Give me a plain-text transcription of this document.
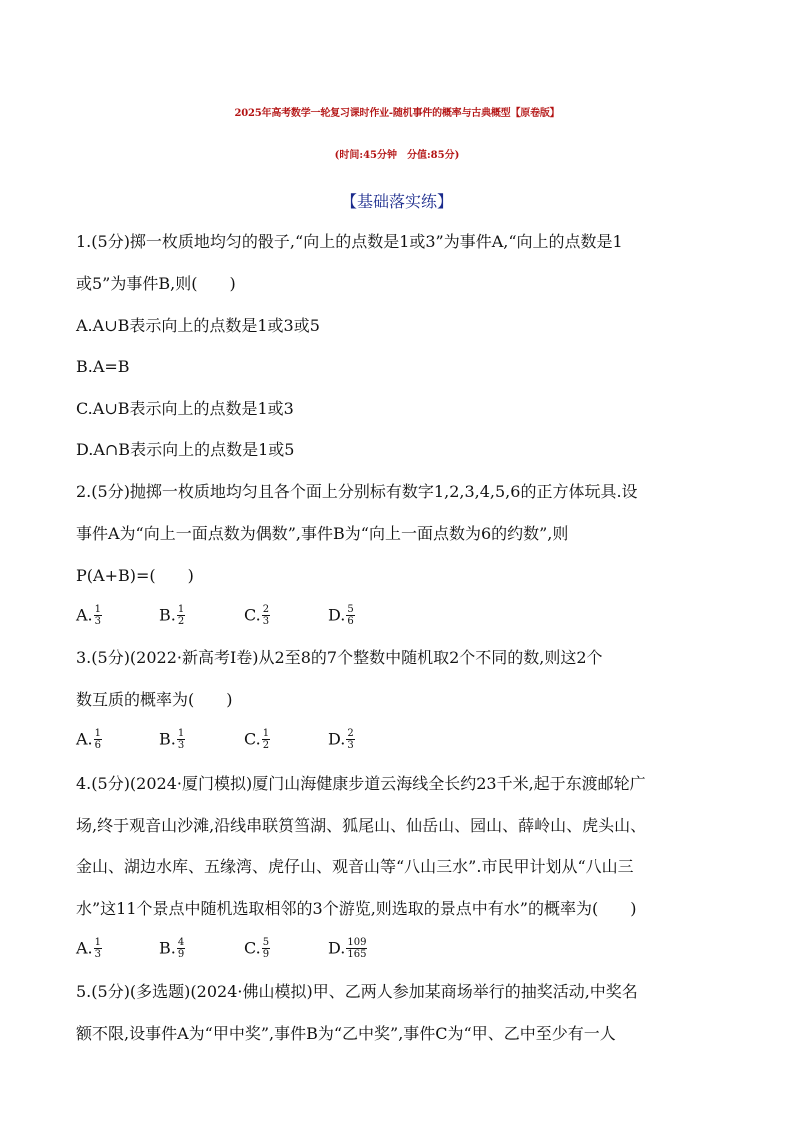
2025年高考数学一轮复习课时作业-随机事件的概率与古典概型【原卷版】
(时间:45分钟　分值:85分)
【基础落实练】
1.(5分)掷一枚质地均匀的骰子,“向上的点数是1或3”为事件A,“向上的点数是1
或5”为事件B,则(　　)
A.A∪B表示向上的点数是1或3或5
B.A=B
C.A∪B表示向上的点数是1或3
D.A∩B表示向上的点数是1或5
2.(5分)抛掷一枚质地均匀且各个面上分别标有数字1,2,3,4,5,6的正方体玩具.设
事件A为“向上一面点数为偶数”,事件B为“向上一面点数为6的约数”,则
P(A+B)=(　　)
A. $\frac{1}{3}$	B. $\frac{1}{2}$	C. $\frac{2}{3}$	D. $\frac{5}{6}$
3.(5分)(2022·新高考Ⅰ卷)从2至8的7个整数中随机取2个不同的数,则这2个
数互质的概率为(　　)
A. $\frac{1}{6}$	B. $\frac{1}{3}$	C. $\frac{1}{2}$	D. $\frac{2}{3}$
4.(5分)(2024·厦门模拟)厦门山海健康步道云海线全长约23千米,起于东渡邮轮广
场,终于观音山沙滩,沿线串联筼筜湖、狐尾山、仙岳山、园山、薛岭山、虎头山、
金山、湖边水库、五缘湾、虎仔山、观音山等“八山三水”.市民甲计划从“八山三
水”这11个景点中随机选取相邻的3个游览,则选取的景点中有水”的概率为(　　)
A. $\frac{1}{3}$	B. $\frac{4}{9}$	C. $\frac{5}{9}$	D. $\frac{109}{165}$
5.(5分)(多选题)(2024·佛山模拟)甲、乙两人参加某商场举行的抽奖活动,中奖名
额不限,设事件A为“甲中奖”,事件B为“乙中奖”,事件C为“甲、乙中至少有一人
